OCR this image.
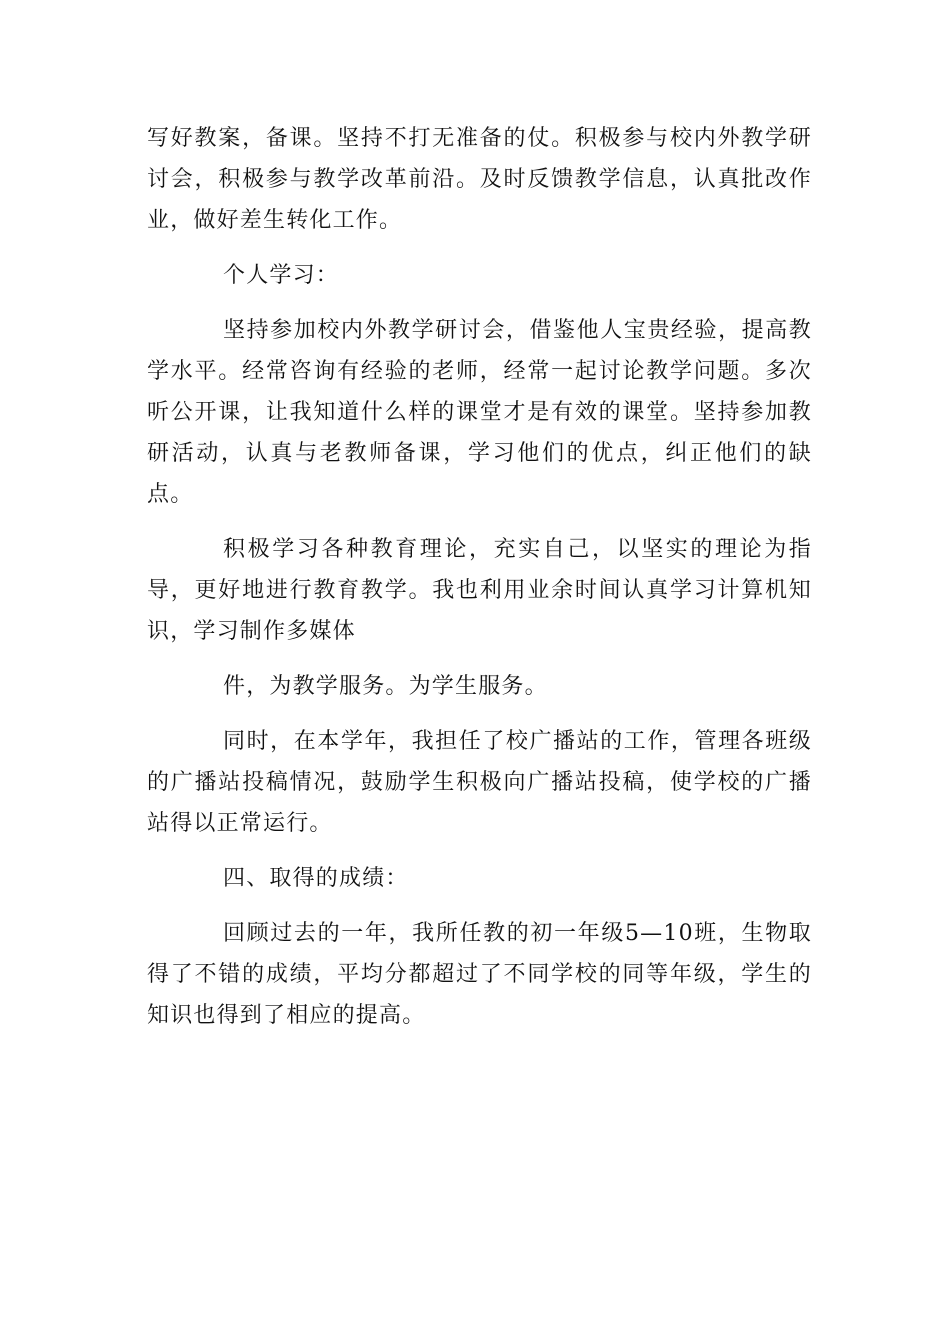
写好教案，备课。坚持不打无准备的仗。积极参与校内外教学研讨会，积极参与教学改革前沿。及时反馈教学信息，认真批改作业，做好差生转化工作。

个人学习：

坚持参加校内外教学研讨会，借鉴他人宝贵经验，提高教学水平。经常咨询有经验的老师，经常一起讨论教学问题。多次听公开课，让我知道什么样的课堂才是有效的课堂。坚持参加教研活动，认真与老教师备课，学习他们的优点，纠正他们的缺点。

积极学习各种教育理论，充实自己，以坚实的理论为指导，更好地进行教育教学。我也利用业余时间认真学习计算机知识，学习制作多媒体

件，为教学服务。为学生服务。

同时，在本学年，我担任了校广播站的工作，管理各班级的广播站投稿情况，鼓励学生积极向广播站投稿，使学校的广播站得以正常运行。

四、取得的成绩：

回顾过去的一年，我所任教的初一年级5—10班，生物取得了不错的成绩，平均分都超过了不同学校的同等年级，学生的知识也得到了相应的提高。
